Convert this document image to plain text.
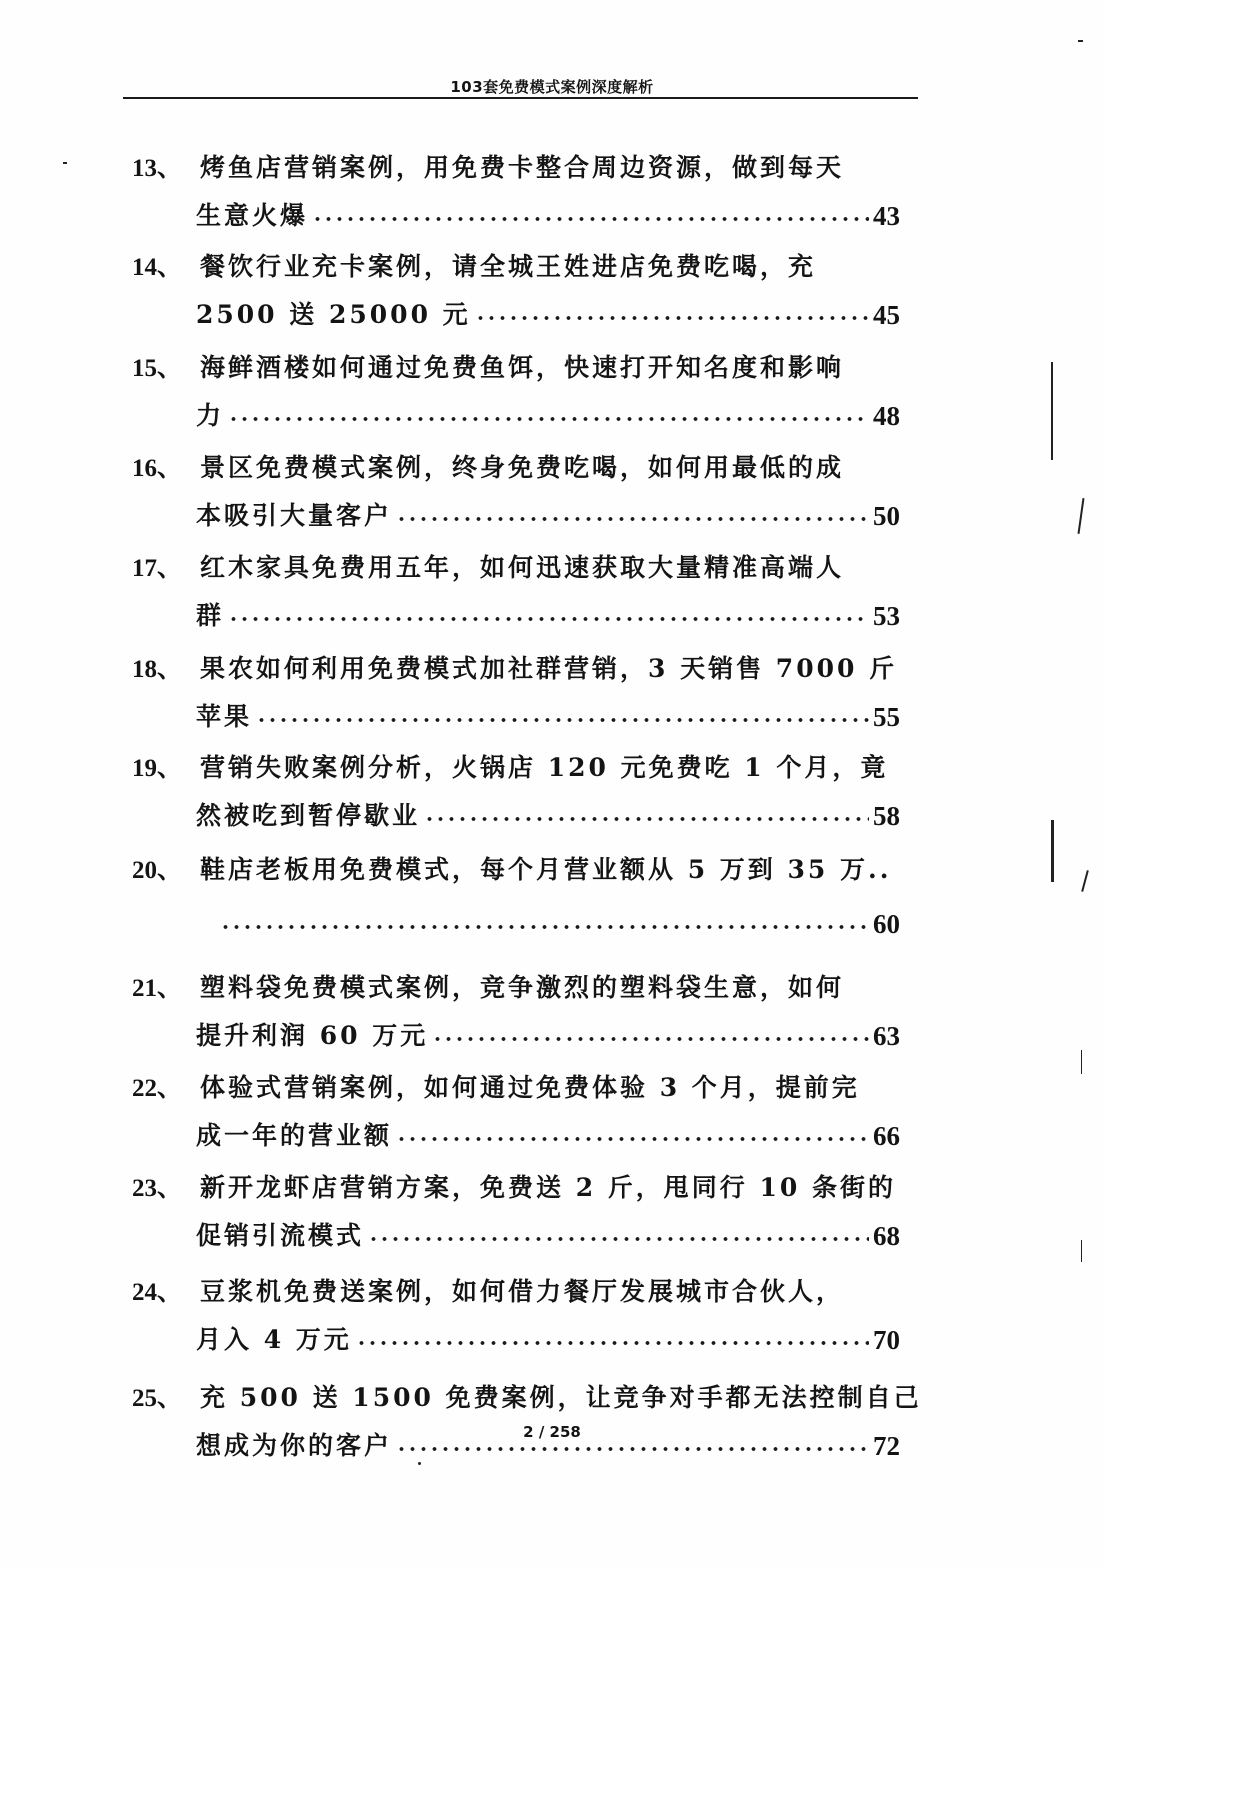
103套免费模式案例深度解析
13、 烤鱼店营销案例，用免费卡整合周边资源，做到每天
生意火爆	43
14、 餐饮行业充卡案例，请全城王姓进店免费吃喝，充
2500 送 25000 元	45
15、 海鲜酒楼如何通过免费鱼饵，快速打开知名度和影响
力	48
16、 景区免费模式案例，终身免费吃喝，如何用最低的成
本吸引大量客户	50
17、 红木家具免费用五年，如何迅速获取大量精准高端人
群	53
18、 果农如何利用免费模式加社群营销，3 天销售 7000 斤
苹果	55
19、 营销失败案例分析，火锅店 120 元免费吃 1 个月，竟
然被吃到暂停歇业	58
20、 鞋店老板用免费模式，每个月营业额从 5 万到 35 万..
60
21、 塑料袋免费模式案例，竞争激烈的塑料袋生意，如何
提升利润 60 万元	63
22、 体验式营销案例，如何通过免费体验 3 个月，提前完
成一年的营业额	66
23、 新开龙虾店营销方案，免费送 2 斤，甩同行 10 条街的
促销引流模式	68
24、 豆浆机免费送案例，如何借力餐厅发展城市合伙人，
月入 4 万元	70
25、 充 500 送 1500 免费案例，让竞争对手都无法控制自己
想成为你的客户	72
2 / 258
